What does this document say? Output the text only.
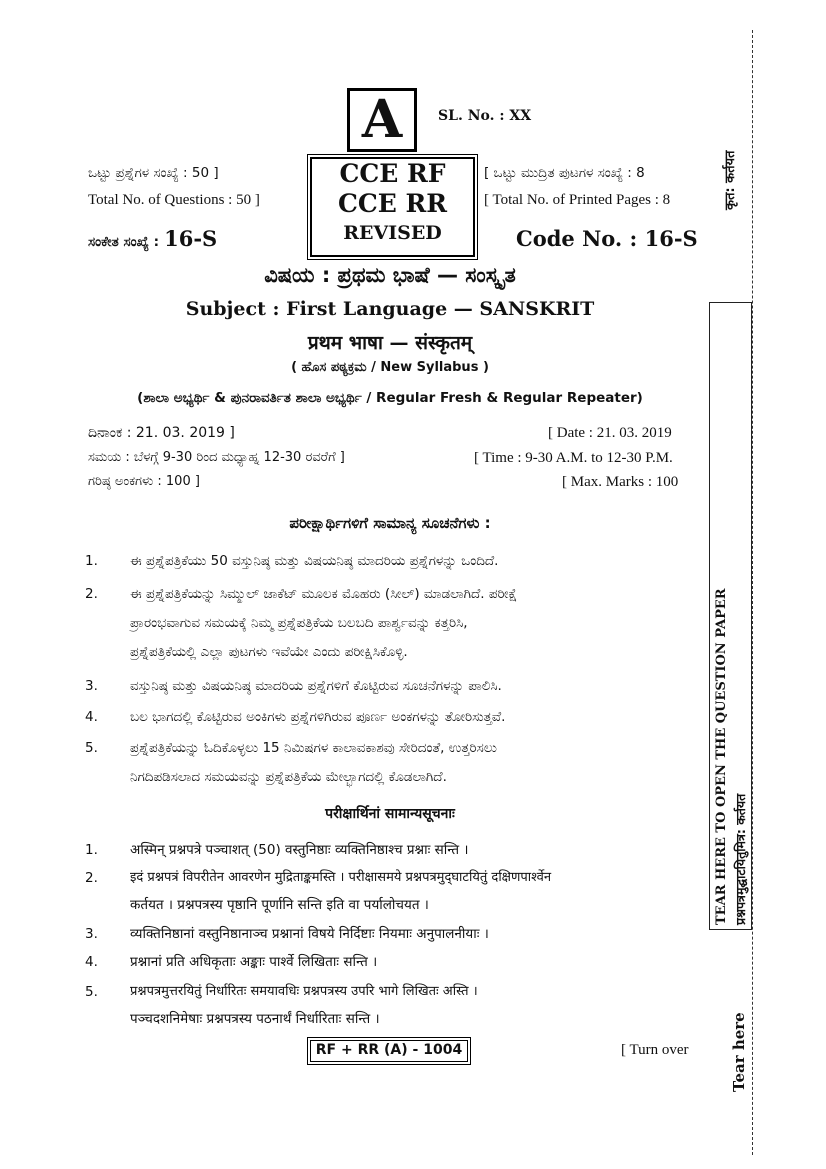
A	SL. No. : XX
ಒಟ್ಟು ಪ್ರಶ್ನೆಗಳ ಸಂಖ್ಯೆ : 50 ]
Total No. of Questions : 50 ]
ಸಂಕೇತ ಸಂಖ್ಯೆ : 16-S
CCE RF
CCE RR
REVISED
[ ಒಟ್ಟು ಮುದ್ರಿತ ಪುಟಗಳ ಸಂಖ್ಯೆ : 8
[ Total No. of Printed Pages : 8
Code No. : 16-S
कृत: कर्तयत
ವಿಷಯ : ಪ್ರಥಮ ಭಾಷೆ — ಸಂಸ್ಕೃತ
Subject : First Language — SANSKRIT
प्रथम भाषा — संस्कृतम्
( ಹೊಸ ಪಠ್ಯಕ್ರಮ / New Syllabus )
(ಶಾಲಾ ಅಭ್ಯರ್ಥಿ & ಪುನರಾವರ್ತಿತ ಶಾಲಾ ಅಭ್ಯರ್ಥಿ / Regular Fresh & Regular Repeater)
ದಿನಾಂಕ : 21. 03. 2019 ]
ಸಮಯ : ಬೆಳಗ್ಗೆ 9-30 ರಿಂದ ಮಧ್ಯಾಹ್ನ 12-30 ರವರೆಗೆ ]
ಗರಿಷ್ಠ ಅಂಕಗಳು : 100 ]
[ Date : 21. 03. 2019
[ Time : 9-30 A.M. to 12-30 P.M.
[ Max. Marks : 100
ಪರೀಕ್ಷಾರ್ಥಿಗಳಿಗೆ ಸಾಮಾನ್ಯ ಸೂಚನೆಗಳು :
1.	ಈ ಪ್ರಶ್ನೆಪತ್ರಿಕೆಯು 50 ವಸ್ತುನಿಷ್ಠ ಮತ್ತು ವಿಷಯನಿಷ್ಠ ಮಾದರಿಯ ಪ್ರಶ್ನೆಗಳನ್ನು ಒಂದಿದೆ.
2.	ಈ ಪ್ರಶ್ನೆಪತ್ರಿಕೆಯನ್ನು ಸಿಮ್ಮುಲ್ ಜಾಕೆಟ್ ಮೂಲಕ ಮೊಹರು (ಸೀಲ್) ಮಾಡಲಾಗಿದೆ. ಪರೀಕ್ಷೆ
ಪ್ರಾರಂಭವಾಗುವ ಸಮಯಕ್ಕೆ ನಿಮ್ಮ ಪ್ರಶ್ನೆಪತ್ರಿಕೆಯ ಬಲಬದಿ ಪಾರ್ಶ್ವವನ್ನು ಕತ್ತರಿಸಿ,
ಪ್ರಶ್ನೆಪತ್ರಿಕೆಯಲ್ಲಿ ಎಲ್ಲಾ ಪುಟಗಳು ಇವೆಯೇ ಎಂದು ಪರೀಕ್ಷಿಸಿಕೊಳ್ಳಿ.
3.	ವಸ್ತುನಿಷ್ಠ ಮತ್ತು ವಿಷಯನಿಷ್ಠ ಮಾದರಿಯ ಪ್ರಶ್ನೆಗಳಿಗೆ ಕೊಟ್ಟಿರುವ ಸೂಚನೆಗಳನ್ನು ಪಾಲಿಸಿ.
4.	ಬಲ ಭಾಗದಲ್ಲಿ ಕೊಟ್ಟಿರುವ ಅಂಕಿಗಳು ಪ್ರಶ್ನೆಗಳಿಗಿರುವ ಪೂರ್ಣ ಅಂಕಗಳನ್ನು ತೋರಿಸುತ್ತವೆ.
5.	ಪ್ರಶ್ನೆಪತ್ರಿಕೆಯನ್ನು ಓದಿಕೊಳ್ಳಲು 15 ನಿಮಿಷಗಳ ಕಾಲಾವಕಾಶವು ಸೇರಿದಂತೆ, ಉತ್ತರಿಸಲು
ನಿಗದಿಪಡಿಸಲಾದ ಸಮಯವನ್ನು ಪ್ರಶ್ನೆಪತ್ರಿಕೆಯ ಮೇಲ್ಭಾಗದಲ್ಲಿ ಕೊಡಲಾಗಿದೆ.
परीक्षार्थिनां सामान्यसूचनाः
1.	अस्मिन् प्रश्नपत्रे पञ्चाशत् (50) वस्तुनिष्ठाः व्यक्तिनिष्ठाश्च प्रश्नाः सन्ति ।
2.	इदं प्रश्नपत्रं विपरीतेन आवरणेन मुद्रिताङ्कमस्ति । परीक्षासमये प्रश्नपत्रमुद्‌घाटयितुं दक्षिणपार्श्वेन
कर्तयत । प्रश्नपत्रस्य पृष्ठानि पूर्णानि सन्ति इति वा पर्यालोचयत ।
3.	व्यक्तिनिष्ठानां वस्तुनिष्ठानाञ्च प्रश्नानां विषये निर्दिष्टाः नियमाः अनुपालनीयाः ।
4.	प्रश्नानां प्रति अधिकृताः अङ्काः पार्श्वे लिखिताः सन्ति ।
5.	प्रश्नपत्रमुत्तरयितुं निर्धारितः समयावधिः प्रश्नपत्रस्य उपरि भागे लिखितः अस्ति ।
पञ्चदशनिमेषाः प्रश्नपत्रस्य पठनार्थं निर्धारिताः सन्ति ।
RF + RR (A) - 1004	[ Turn over
TEAR HERE TO OPEN THE QUESTION PAPER प्रश्नपत्रमुद्घाटयितुमित्र: कर्तयत
Tear here
